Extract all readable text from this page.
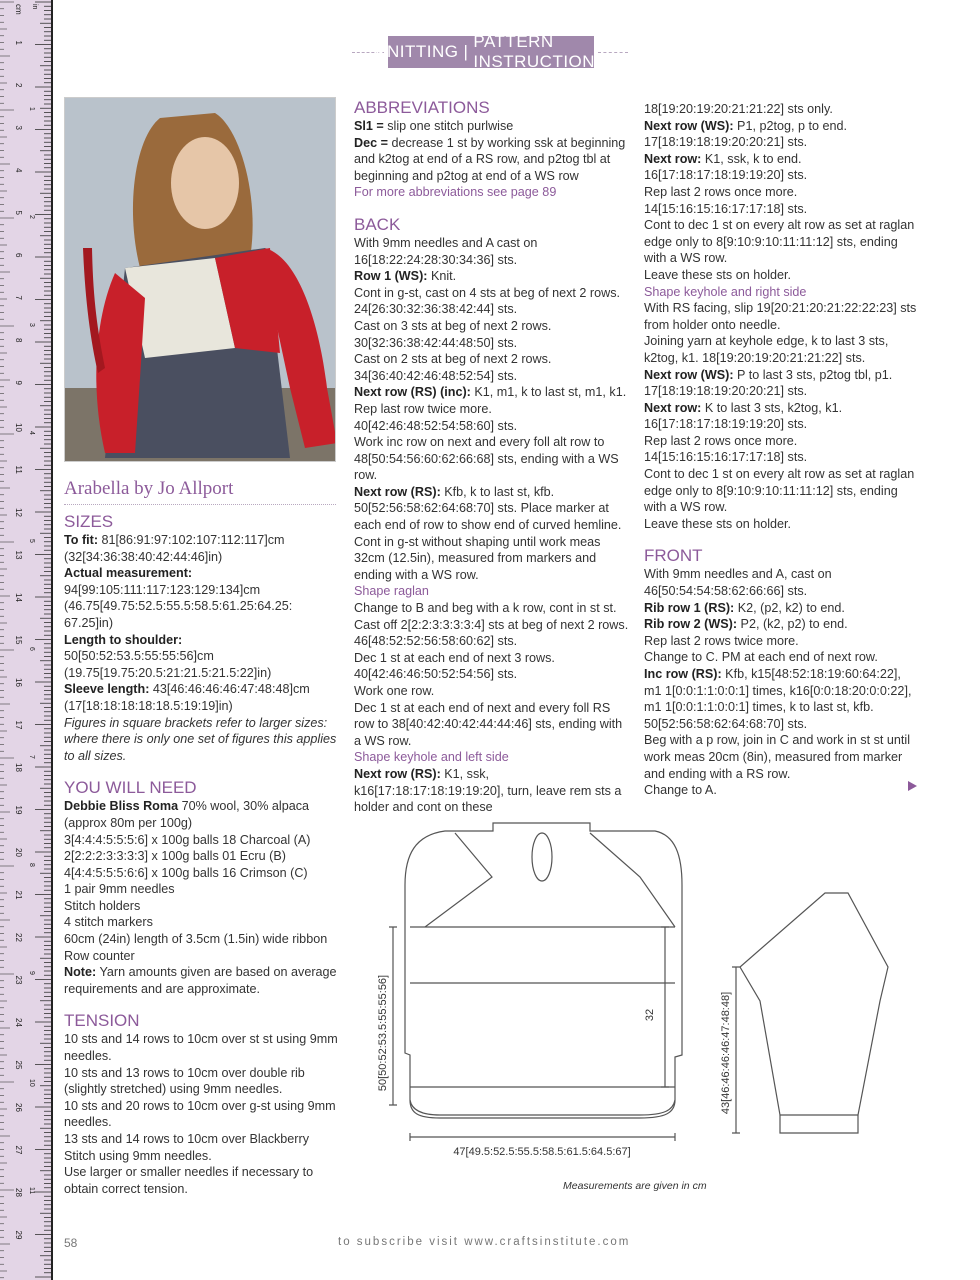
cm in
1
2
3
4
5
6
7
8
9
10
11
12
13
14
15
16
17
18
19
20
21
22
23
24
25
26
27
28
29
1
2
3
4
5
6
7
8
9
10
11
KNITTING |
PATTERN INSTRUCTIONS
Arabella by Jo Allport
SIZES

To fit: 81[86:91:97:102:107:112:117]cm (32[34:36:38:40:42:44:46]in)

Actual measurement:

94[99:105:111:117:123:129:134]cm (46.75[49.75:52.5:55.5:58.5:61.25:64.25: 67.25]in)

Length to shoulder:

50[50:52:53.5:55:55:56]cm (19.75[19.75:20.5:21:21.5:21.5:22]in)

Sleeve length: 43[46:46:46:46:47:48:48]cm (17[18:18:18:18:18.5:19:19]in)

Figures in square brackets refer to larger sizes: where there is only one set of figures this applies to all sizes.

YOU WILL NEED

Debbie Bliss Roma 70% wool, 30% alpaca (approx 80m per 100g)

3[4:4:4:5:5:5:6] x 100g balls 18 Charcoal (A)

2[2:2:2:3:3:3:3] x 100g balls 01 Ecru (B)

4[4:4:5:5:5:6:6] x 100g balls 16 Crimson (C)

1 pair 9mm needles

Stitch holders

4 stitch markers

60cm (24in) length of 3.5cm (1.5in) wide ribbon

Row counter

Note: Yarn amounts given are based on average requirements and are approximate.

TENSION

10 sts and 14 rows to 10cm over st st using 9mm needles.

10 sts and 13 rows to 10cm over double rib (slightly stretched) using 9mm needles.

10 sts and 20 rows to 10cm over g-st using 9mm needles.

13 sts and 14 rows to 10cm over Blackberry Stitch using 9mm needles.

Use larger or smaller needles if necessary to obtain correct tension.

ABBREVIATIONS

Sl1 = slip one stitch purlwise

Dec = decrease 1 st by working ssk at beginning and k2tog at end of a RS row, and p2tog tbl at beginning and p2tog at end of a WS row

For more abbreviations see page 89

BACK

With 9mm needles and A cast on 16[18:22:24:28:30:34:36] sts.

Row 1 (WS): Knit.

Cont in g-st, cast on 4 sts at beg of next 2 rows. 24[26:30:32:36:38:42:44] sts.

Cast on 3 sts at beg of next 2 rows. 30[32:36:38:42:44:48:50] sts.

Cast on 2 sts at beg of next 2 rows. 34[36:40:42:46:48:52:54] sts.

Next row (RS) (inc): K1, m1, k to last st, m1, k1.

Rep last row twice more. 40[42:46:48:52:54:58:60] sts.

Work inc row on next and every foll alt row to 48[50:54:56:60:62:66:68] sts, ending with a WS row.

Next row (RS): Kfb, k to last st, kfb. 50[52:56:58:62:64:68:70] sts. Place marker at each end of row to show end of curved hemline.

Cont in g-st without shaping until work meas 32cm (12.5in), measured from markers and ending with a WS row.

Shape raglan

Change to B and beg with a k row, cont in st st.

Cast off 2[2:2:3:3:3:3:4] sts at beg of next 2 rows. 46[48:52:52:56:58:60:62] sts.

Dec 1 st at each end of next 3 rows. 40[42:46:46:50:52:54:56] sts.

Work one row.

Dec 1 st at each end of next and every foll RS row to 38[40:42:40:42:44:44:46] sts, ending with a WS row.

Shape keyhole and left side

Next row (RS): K1, ssk, k16[17:18:17:18:19:19:20], turn, leave rem sts a holder and cont on these

18[19:20:19:20:21:21:22] sts only.

Next row (WS): P1, p2tog, p to end. 17[18:19:18:19:20:20:21] sts.

Next row: K1, ssk, k to end. 16[17:18:17:18:19:19:20] sts.

Rep last 2 rows once more. 14[15:16:15:16:17:17:18] sts.

Cont to dec 1 st on every alt row as set at raglan edge only to 8[9:10:9:10:11:11:12] sts, ending with a WS row.

Leave these sts on holder.

Shape keyhole and right side

With RS facing, slip 19[20:21:20:21:22:22:23] sts from holder onto needle.

Joining yarn at keyhole edge, k to last 3 sts, k2tog, k1. 18[19:20:19:20:21:21:22] sts.

Next row (WS): P to last 3 sts, p2tog tbl, p1. 17[18:19:18:19:20:20:21] sts.

Next row: K to last 3 sts, k2tog, k1. 16[17:18:17:18:19:19:20] sts.

Rep last 2 rows once more. 14[15:16:15:16:17:17:18] sts.

Cont to dec 1 st on every alt row as set at raglan edge only to 8[9:10:9:10:11:11:12] sts, ending with a WS row.

Leave these sts on holder.

FRONT

With 9mm needles and A, cast on 46[50:54:54:58:62:66:66] sts.

Rib row 1 (RS): K2, (p2, k2) to end.

Rib row 2 (WS): P2, (k2, p2) to end.

Rep last 2 rows twice more.

Change to C. PM at each end of next row.

Inc row (RS): Kfb, k15[48:52:18:19:60:64:22], m1 1[0:0:1:1:0:0:1] times, k16[0:0:18:20:0:0:22], m1 1[0:0:1:1:0:0:1] times, k to last st, kfb. 50[52:56:58:62:64:68:70] sts.

Beg with a p row, join in C and work in st st until work meas 20cm (8in), measured from marker and ending with a RS row.

Change to A.

50[50:52:53.5:55:55:56]	32
47[49.5:52.5:55.5:58.5:61.5:64.5:67]
43[46:46:46:46:47:48:48]
Measurements are given in cm
58	to subscribe visit www.craftsinstitute.com
